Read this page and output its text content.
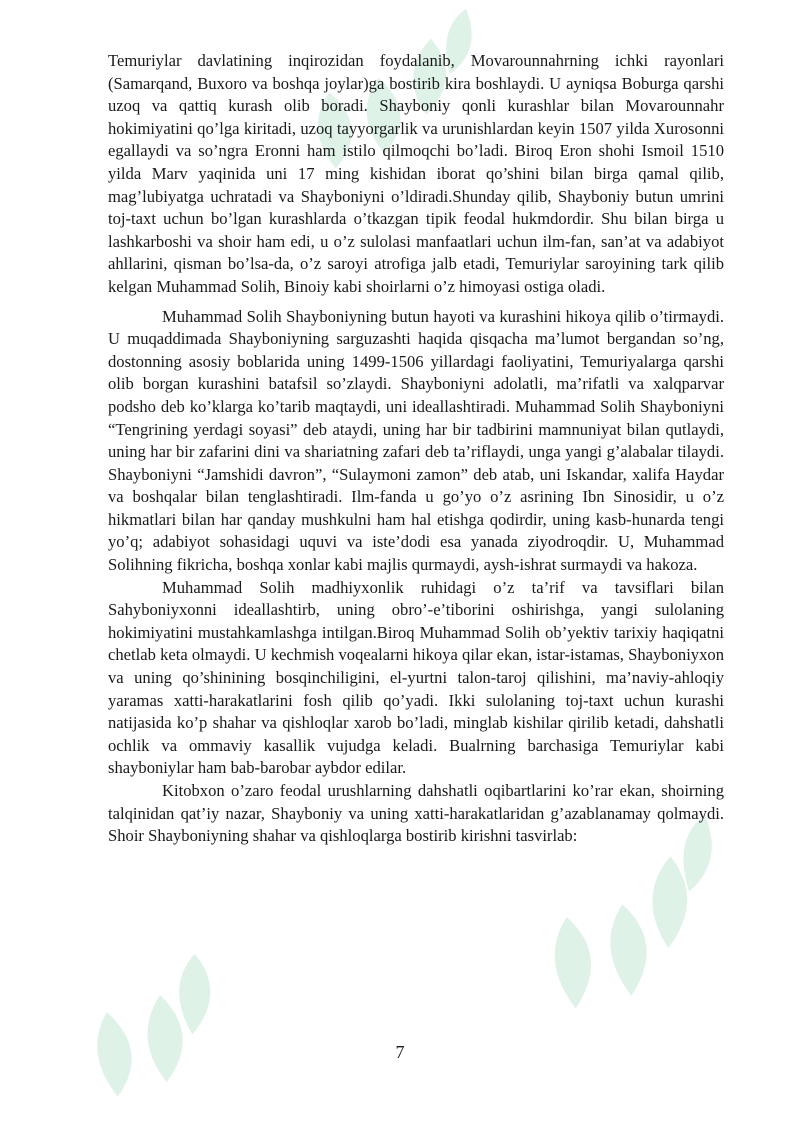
Temuriylar davlatining inqirozidan foydalanib, Movarounnahrning ichki rayonlari (Samarqand, Buxoro va boshqa joylar)ga bostirib kira boshlaydi. U ayniqsa Boburga qarshi uzoq va qattiq kurash olib boradi. Shayboniy qonli kurashlar bilan Movarounnahr hokimiyatini qo’lga kiritadi, uzoq tayyorgarlik va urunishlardan keyin 1507 yilda Xurosonni egallaydi va so’ngra Eronni ham istilo qilmoqchi bo’ladi. Biroq Eron shohi Ismoil 1510 yilda Marv yaqinida uni 17 ming kishidan iborat qo’shini bilan birga qamal qilib, mag’lubiyatga uchratadi va Shayboniyni o’ldiradi.Shunday qilib, Shayboniy butun umrini toj-taxt uchun bo’lgan kurashlarda o’tkazgan tipik feodal hukmdordir. Shu bilan birga u lashkarboshi va shoir ham edi, u o’z sulolasi manfaatlari uchun ilm-fan, san’at va adabiyot ahllarini, qisman bo’lsa-da, o’z saroyi atrofiga jalb etadi, Temuriylar saroyining tark qilib kelgan Muhammad Solih, Binoiy kabi shoirlarni o’z himoyasi ostiga oladi.

Muhammad Solih Shayboniyning butun hayoti va kurashini hikoya qilib o’tirmaydi. U muqaddimada Shayboniyning sarguzashti haqida qisqacha ma’lumot bergandan so’ng, dostonning asosiy boblarida uning 1499-1506 yillardagi faoliyatini, Temuriyalarga qarshi olib borgan kurashini batafsil so’zlaydi. Shayboniyni adolatli, ma’rifatli va xalqparvar podsho deb ko’klarga ko’tarib maqtaydi, uni ideallashtiradi. Muhammad Solih Shayboniyni “Tengrining yerdagi soyasi” deb ataydi, uning har bir tadbirini mamnuniyat bilan qutlaydi, uning har bir zafarini dini va shariatning zafari deb ta’riflaydi, unga yangi g’alabalar tilaydi. Shayboniyni “Jamshidi davron”, “Sulaymoni zamon” deb atab, uni Iskandar, xalifa Haydar va boshqalar bilan tenglashtiradi. Ilm-fanda u go’yo o’z asrining Ibn Sinosidir, u o’z hikmatlari bilan har qanday mushkulni ham hal etishga qodirdir, uning kasb-hunarda tengi yo’q; adabiyot sohasidagi uquvi va iste’dodi esa yanada ziyodroqdir. U, Muhammad Solihning fikricha, boshqa xonlar kabi majlis qurmaydi, aysh-ishrat surmaydi va hakoza.

Muhammad Solih madhiyxonlik ruhidagi o’z ta’rif va tavsiflari bilan Sahyboniyxonni ideallashtirb, uning obro’-e’tiborini oshirishga, yangi sulolaning hokimiyatini mustahkamlashga intilgan.Biroq Muhammad Solih ob’yektiv tarixiy haqiqatni chetlab keta olmaydi. U kechmish voqealarni hikoya qilar ekan, istar-istamas, Shayboniyxon va uning qo’shinining bosqinchiligini, el-yurtni talon-taroj qilishini, ma’naviy-ahloqiy yaramas xatti-harakatlarini fosh qilib qo’yadi. Ikki sulolaning toj-taxt uchun kurashi natijasida ko’p shahar va qishloqlar xarob bo’ladi, minglab kishilar qirilib ketadi, dahshatli ochlik va ommaviy kasallik vujudga keladi. Bualrning barchasiga Temuriylar kabi shayboniylar ham bab-barobar aybdor edilar.

Kitobxon o’zaro feodal urushlarning dahshatli oqibartlarini ko’rar ekan, shoirning talqinidan qat’iy nazar, Shayboniy va uning xatti-harakatlaridan g’azablanamay qolmaydi. Shoir Shayboniyning shahar va qishloqlarga bostirib kirishni tasvirlab:

7
